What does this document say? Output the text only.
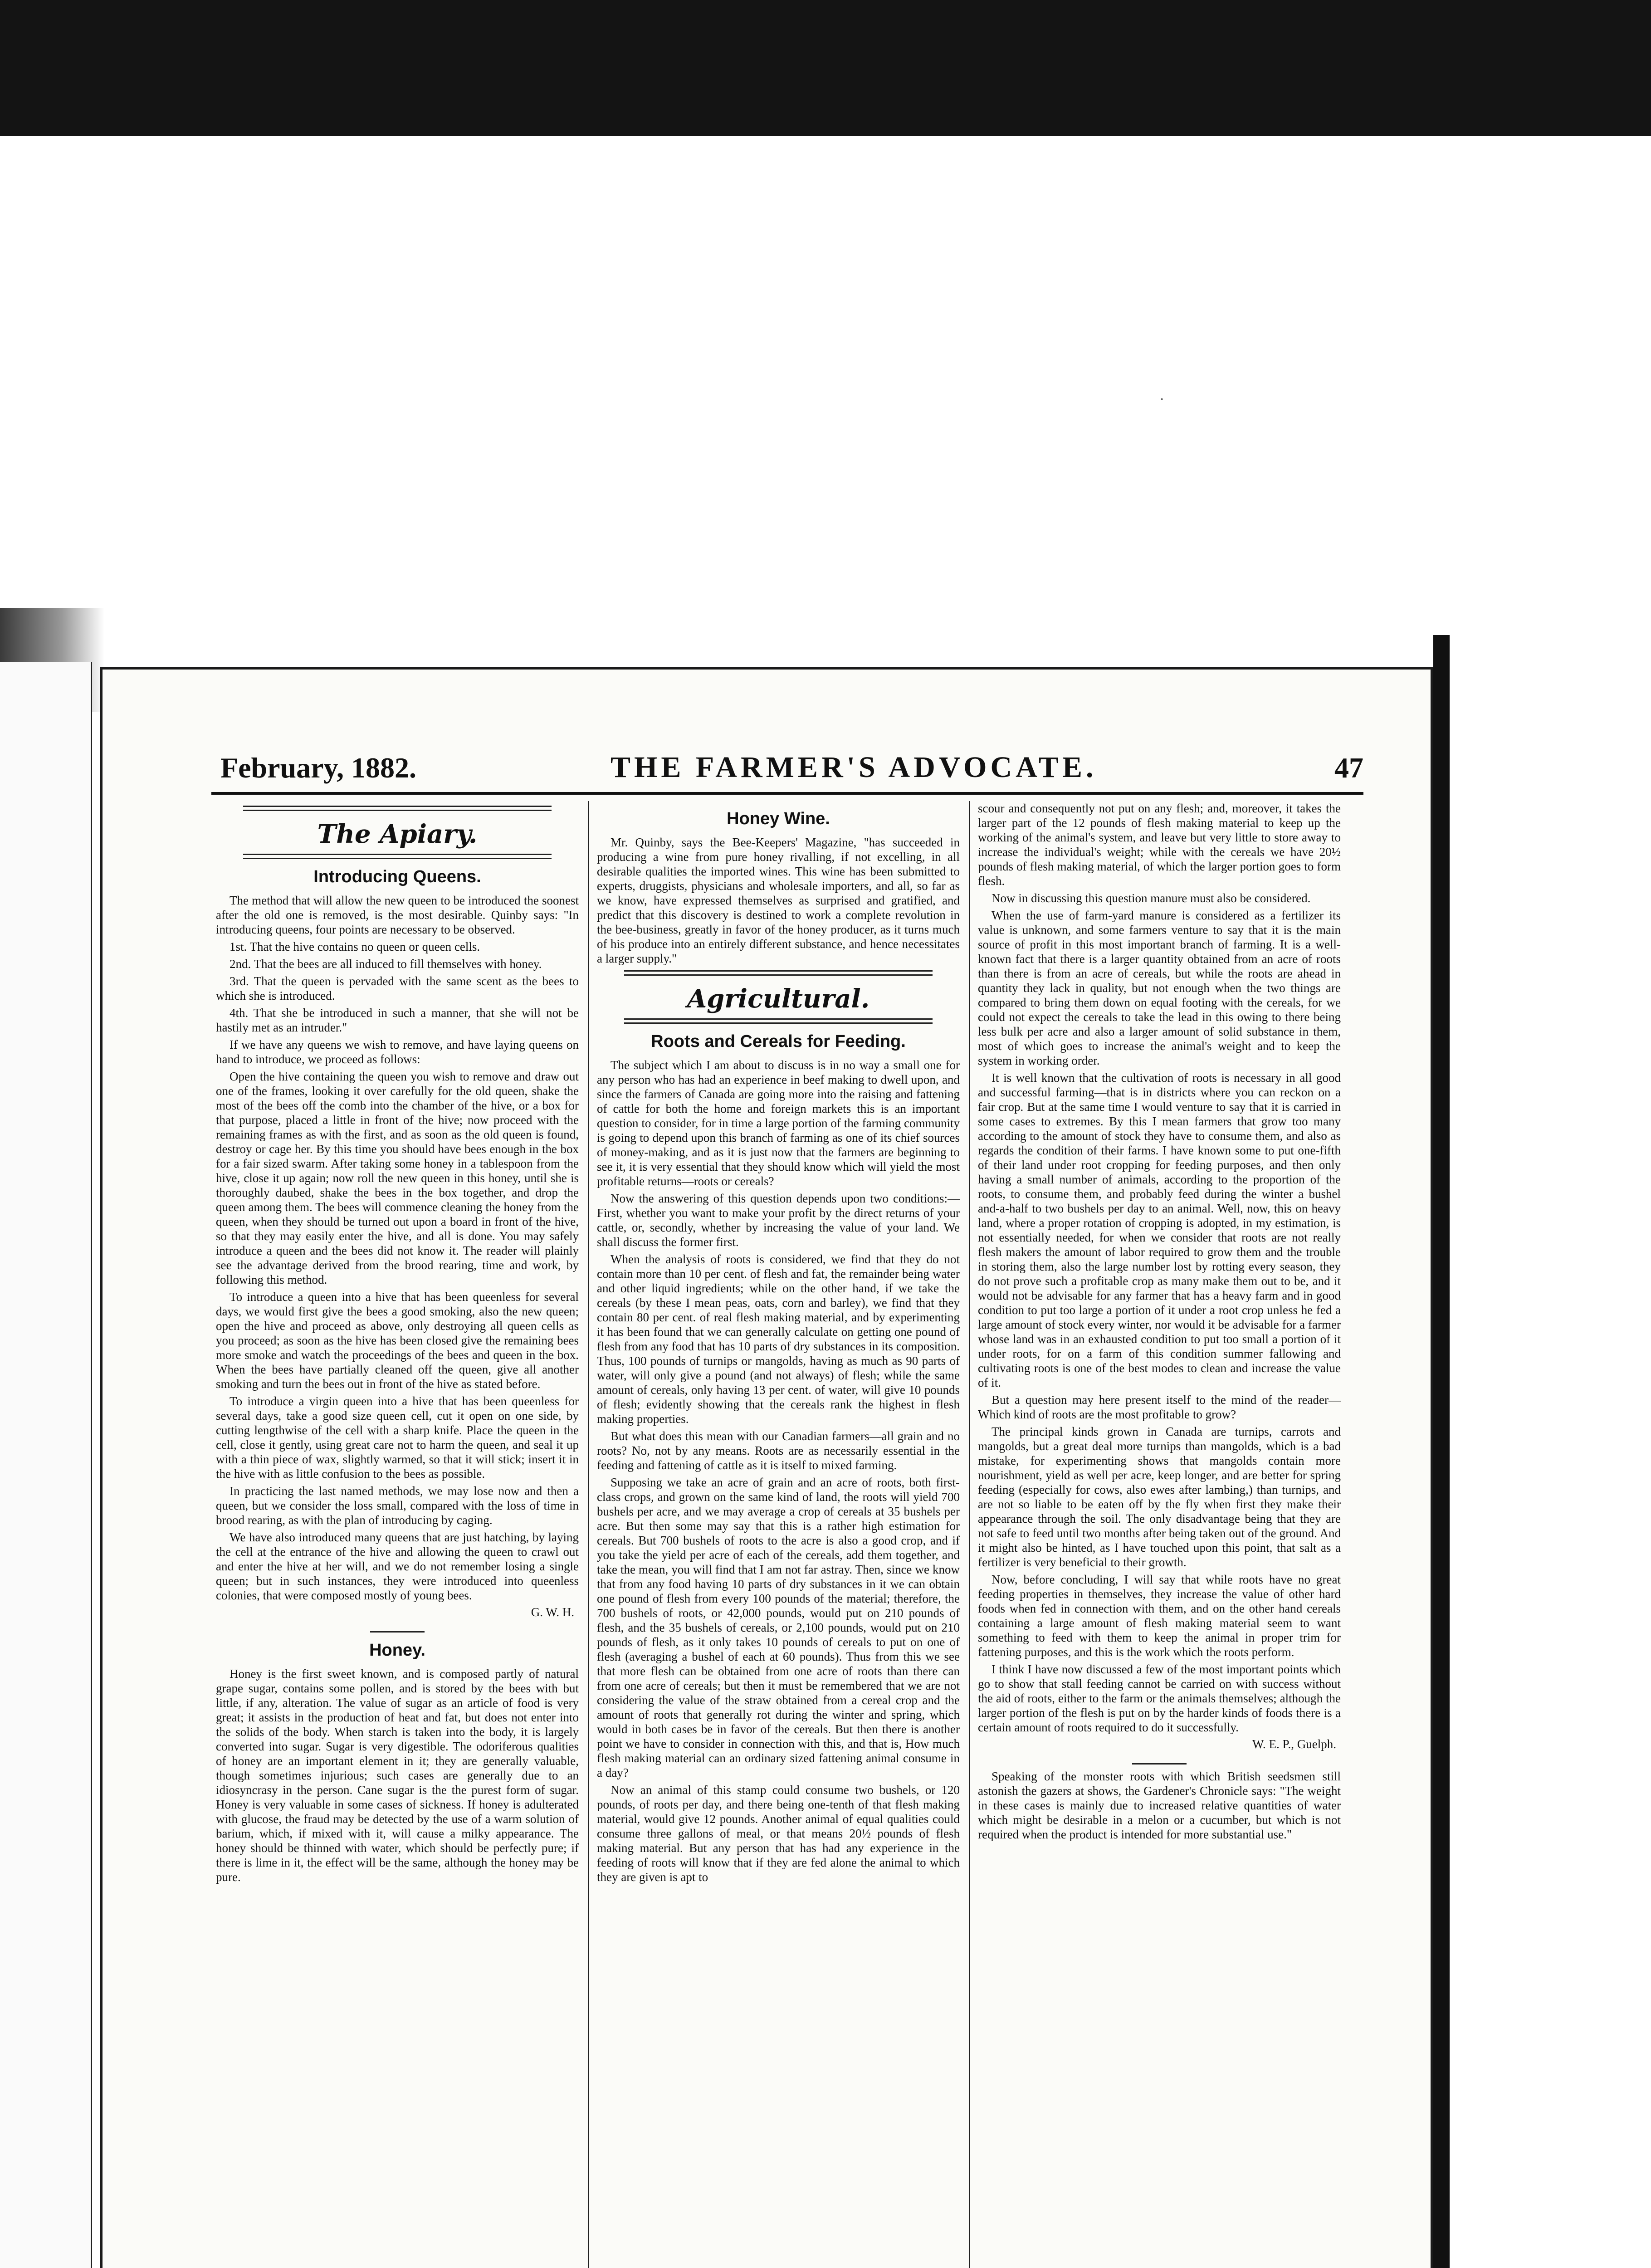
·
February, 1882.	THE FARMER'S ADVOCATE.	47
The Apiary.
Introducing Queens.

The method that will allow the new queen to be introduced the soonest after the old one is removed, is the most desirable. Quinby says: "In introducing queens, four points are necessary to be observed.

1st. That the hive contains no queen or queen cells.

2nd. That the bees are all induced to fill themselves with honey.

3rd. That the queen is pervaded with the same scent as the bees to which she is introduced.

4th. That she be introduced in such a manner, that she will not be hastily met as an intruder."

If we have any queens we wish to remove, and have laying queens on hand to introduce, we proceed as follows:

Open the hive containing the queen you wish to remove and draw out one of the frames, looking it over carefully for the old queen, shake the most of the bees off the comb into the chamber of the hive, or a box for that purpose, placed a little in front of the hive; now proceed with the remaining frames as with the first, and as soon as the old queen is found, destroy or cage her. By this time you should have bees enough in the box for a fair sized swarm. After taking some honey in a tablespoon from the hive, close it up again; now roll the new queen in this honey, until she is thoroughly daubed, shake the bees in the box together, and drop the queen among them. The bees will commence cleaning the honey from the queen, when they should be turned out upon a board in front of the hive, so that they may easily enter the hive, and all is done. You may safely introduce a queen and the bees did not know it. The reader will plainly see the advantage derived from the brood rearing, time and work, by following this method.

To introduce a queen into a hive that has been queenless for several days, we would first give the bees a good smoking, also the new queen; open the hive and proceed as above, only destroying all queen cells as you proceed; as soon as the hive has been closed give the remaining bees more smoke and watch the proceedings of the bees and queen in the box. When the bees have partially cleaned off the queen, give all another smoking and turn the bees out in front of the hive as stated before.

To introduce a virgin queen into a hive that has been queenless for several days, take a good size queen cell, cut it open on one side, by cutting lengthwise of the cell with a sharp knife. Place the queen in the cell, close it gently, using great care not to harm the queen, and seal it up with a thin piece of wax, slightly warmed, so that it will stick; insert it in the hive with as little confusion to the bees as possible.

In practicing the last named methods, we may lose now and then a queen, but we consider the loss small, compared with the loss of time in brood rearing, as with the plan of introducing by caging.

We have also introduced many queens that are just hatching, by laying the cell at the entrance of the hive and allowing the queen to crawl out and enter the hive at her will, and we do not remember losing a single queen; but in such instances, they were introduced into queenless colonies, that were composed mostly of young bees.

G. W. H.
Honey.

Honey is the first sweet known, and is composed partly of natural grape sugar, contains some pollen, and is stored by the bees with but little, if any, alteration. The value of sugar as an article of food is very great; it assists in the production of heat and fat, but does not enter into the solids of the body. When starch is taken into the body, it is largely converted into sugar. Sugar is very digestible. The odoriferous qualities of honey are an important element in it; they are generally valuable, though sometimes injurious; such cases are generally due to an idiosyncrasy in the person. Cane sugar is the the purest form of sugar. Honey is very valuable in some cases of sickness. If honey is adulterated with glucose, the fraud may be detected by the use of a warm solution of barium, which, if mixed with it, will cause a milky appearance. The honey should be thinned with water, which should be perfectly pure; if there is lime in it, the effect will be the same, although the honey may be pure.

Honey Wine.

Mr. Quinby, says the Bee-Keepers' Magazine, "has succeeded in producing a wine from pure honey rivalling, if not excelling, in all desirable qualities the imported wines. This wine has been submitted to experts, druggists, physicians and wholesale importers, and all, so far as we know, have expressed themselves as surprised and gratified, and predict that this discovery is destined to work a complete revolution in the bee-business, greatly in favor of the honey producer, as it turns much of his produce into an entirely different substance, and hence necessitates a larger supply."

Agricultural.
Roots and Cereals for Feeding.

The subject which I am about to discuss is in no way a small one for any person who has had an experience in beef making to dwell upon, and since the farmers of Canada are going more into the raising and fattening of cattle for both the home and foreign markets this is an important question to consider, for in time a large portion of the farming community is going to depend upon this branch of farming as one of its chief sources of money-making, and as it is just now that the farmers are beginning to see it, it is very essential that they should know which will yield the most profitable returns—roots or cereals?

Now the answering of this question depends upon two conditions:—First, whether you want to make your profit by the direct returns of your cattle, or, secondly, whether by increasing the value of your land. We shall discuss the former first.

When the analysis of roots is considered, we find that they do not contain more than 10 per cent. of flesh and fat, the remainder being water and other liquid ingredients; while on the other hand, if we take the cereals (by these I mean peas, oats, corn and barley), we find that they contain 80 per cent. of real flesh making material, and by experimenting it has been found that we can generally calculate on getting one pound of flesh from any food that has 10 parts of dry substances in its composition. Thus, 100 pounds of turnips or mangolds, having as much as 90 parts of water, will only give a pound (and not always) of flesh; while the same amount of cereals, only having 13 per cent. of water, will give 10 pounds of flesh; evidently showing that the cereals rank the highest in flesh making properties.

But what does this mean with our Canadian farmers—all grain and no roots? No, not by any means. Roots are as necessarily essential in the feeding and fattening of cattle as it is itself to mixed farming.

Supposing we take an acre of grain and an acre of roots, both first-class crops, and grown on the same kind of land, the roots will yield 700 bushels per acre, and we may average a crop of cereals at 35 bushels per acre. But then some may say that this is a rather high estimation for cereals. But 700 bushels of roots to the acre is also a good crop, and if you take the yield per acre of each of the cereals, add them together, and take the mean, you will find that I am not far astray. Then, since we know that from any food having 10 parts of dry substances in it we can obtain one pound of flesh from every 100 pounds of the material; therefore, the 700 bushels of roots, or 42,000 pounds, would put on 210 pounds of flesh, and the 35 bushels of cereals, or 2,100 pounds, would put on 210 pounds of flesh, as it only takes 10 pounds of cereals to put on one of flesh (averaging a bushel of each at 60 pounds). Thus from this we see that more flesh can be obtained from one acre of roots than there can from one acre of cereals; but then it must be remembered that we are not considering the value of the straw obtained from a cereal crop and the amount of roots that generally rot during the winter and spring, which would in both cases be in favor of the cereals. But then there is another point we have to consider in connection with this, and that is, How much flesh making material can an ordinary sized fattening animal consume in a day?

Now an animal of this stamp could consume two bushels, or 120 pounds, of roots per day, and there being one-tenth of that flesh making material, would give 12 pounds. Another animal of equal qualities could consume three gallons of meal, or that means 20½ pounds of flesh making material. But any person that has had any experience in the feeding of roots will know that if they are fed alone the animal to which they are given is apt to

scour and consequently not put on any flesh; and, moreover, it takes the larger part of the 12 pounds of flesh making material to keep up the working of the animal's system, and leave but very little to store away to increase the individual's weight; while with the cereals we have 20½ pounds of flesh making material, of which the larger portion goes to form flesh.

Now in discussing this question manure must also be considered.

When the use of farm-yard manure is considered as a fertilizer its value is unknown, and some farmers venture to say that it is the main source of profit in this most important branch of farming. It is a well-known fact that there is a larger quantity obtained from an acre of roots than there is from an acre of cereals, but while the roots are ahead in quantity they lack in quality, but not enough when the two things are compared to bring them down on equal footing with the cereals, for we could not expect the cereals to take the lead in this owing to there being less bulk per acre and also a larger amount of solid substance in them, most of which goes to increase the animal's weight and to keep the system in working order.

It is well known that the cultivation of roots is necessary in all good and successful farming—that is in districts where you can reckon on a fair crop. But at the same time I would venture to say that it is carried in some cases to extremes. By this I mean farmers that grow too many according to the amount of stock they have to consume them, and also as regards the condition of their farms. I have known some to put one-fifth of their land under root cropping for feeding purposes, and then only having a small number of animals, according to the proportion of the roots, to consume them, and probably feed during the winter a bushel and-a-half to two bushels per day to an animal. Well, now, this on heavy land, where a proper rotation of cropping is adopted, in my estimation, is not essentially needed, for when we consider that roots are not really flesh makers the amount of labor required to grow them and the trouble in storing them, also the large number lost by rotting every season, they do not prove such a profitable crop as many make them out to be, and it would not be advisable for any farmer that has a heavy farm and in good condition to put too large a portion of it under a root crop unless he fed a large amount of stock every winter, nor would it be advisable for a farmer whose land was in an exhausted condition to put too small a portion of it under roots, for on a farm of this condition summer fallowing and cultivating roots is one of the best modes to clean and increase the value of it.

But a question may here present itself to the mind of the reader—Which kind of roots are the most profitable to grow?

The principal kinds grown in Canada are turnips, carrots and mangolds, but a great deal more turnips than mangolds, which is a bad mistake, for experimenting shows that mangolds contain more nourishment, yield as well per acre, keep longer, and are better for spring feeding (especially for cows, also ewes after lambing,) than turnips, and are not so liable to be eaten off by the fly when first they make their appearance through the soil. The only disadvantage being that they are not safe to feed until two months after being taken out of the ground. And it might also be hinted, as I have touched upon this point, that salt as a fertilizer is very beneficial to their growth.

Now, before concluding, I will say that while roots have no great feeding properties in themselves, they increase the value of other hard foods when fed in connection with them, and on the other hand cereals containing a large amount of flesh making material seem to want something to feed with them to keep the animal in proper trim for fattening purposes, and this is the work which the roots perform.

I think I have now discussed a few of the most important points which go to show that stall feeding cannot be carried on with success without the aid of roots, either to the farm or the animals themselves; although the larger portion of the flesh is put on by the harder kinds of foods there is a certain amount of roots required to do it successfully.

W. E. P., Guelph.

Speaking of the monster roots with which British seedsmen still astonish the gazers at shows, the Gardener's Chronicle says: "The weight in these cases is mainly due to increased relative quantities of water which might be desirable in a melon or a cucumber, but which is not required when the product is intended for more substantial use."
